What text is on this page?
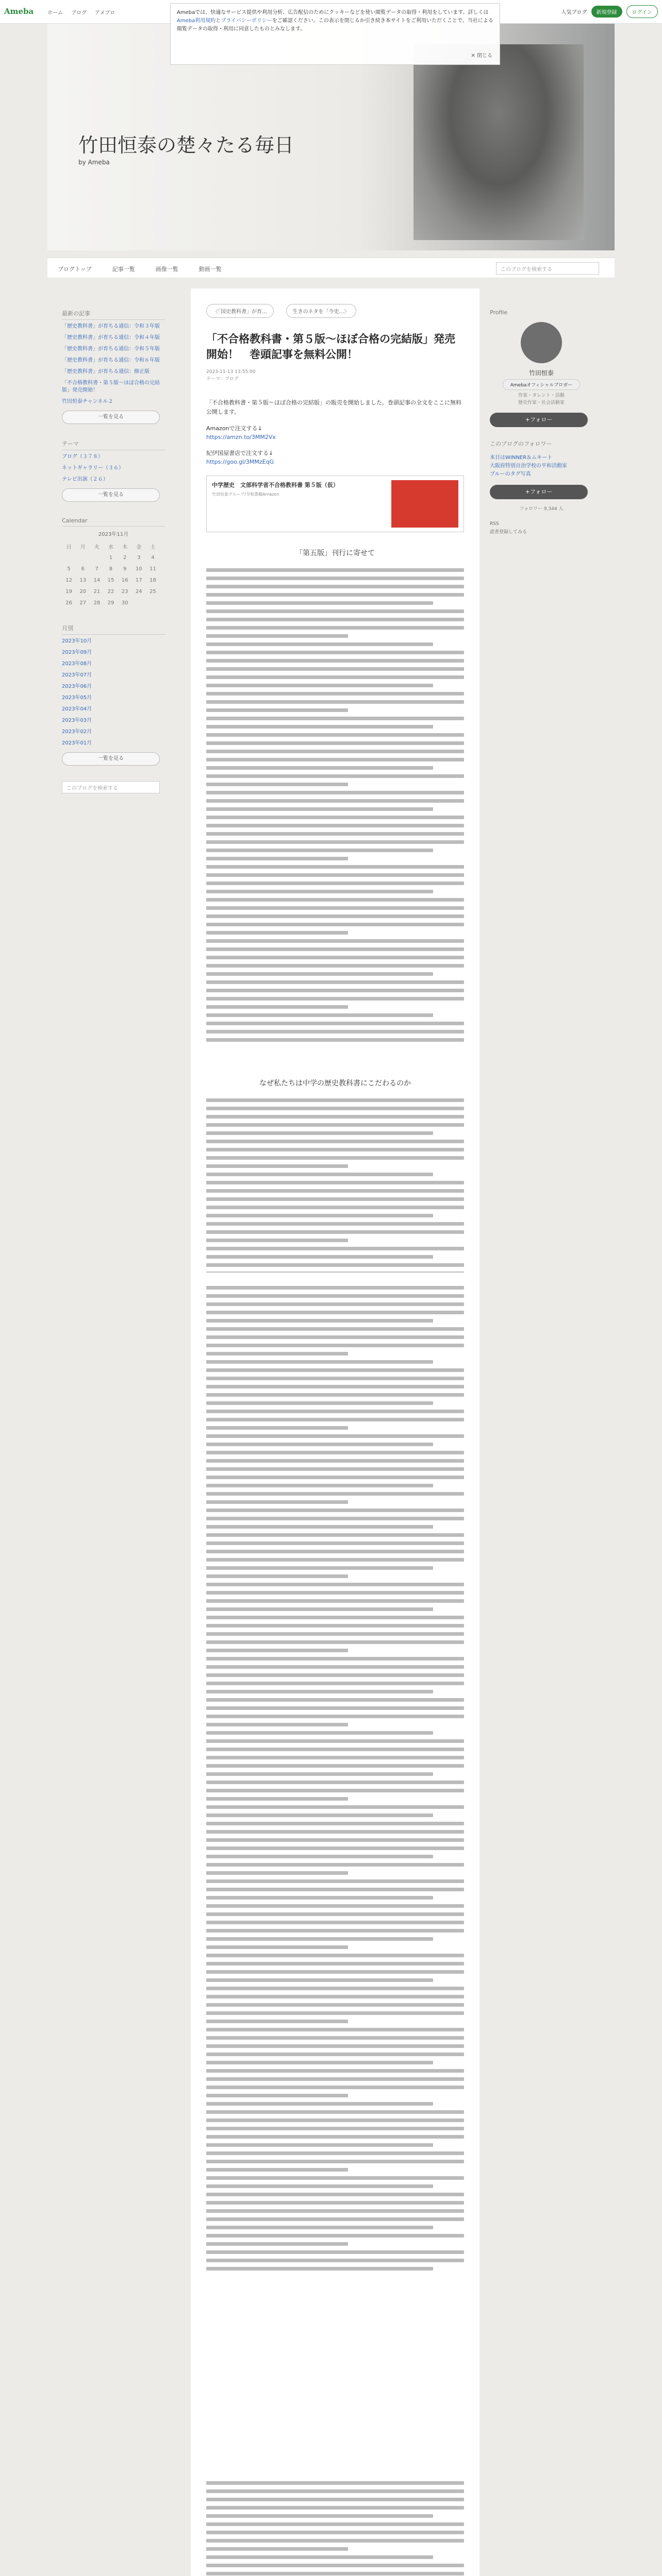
Ameba	ホーム ブログ アメブロ	人気ブログ	新規登録	ログイン
竹田恒泰の楚々たる毎日
by Ameba
Amebaでは、快適なサービス提供や利用分析、広告配信のためにクッキーなどを使い閲覧データの取得・利用をしています。詳しくはAmeba利用規約とプライバシーポリシーをご確認ください。この表示を閉じるか引き続き本サイトをご利用いただくことで、当社による閲覧データの取得・利用に同意したものとみなします。
✕ 閉じる
ブログトップ	記事一覧	画像一覧	動画一覧	このブログを検索する
最新の記事
「歴史教科書」が育ちる通信：令和３年版
「歴史教科書」が育ちる通信：令和４年版
「歴史教科書」が育ちる通信：令和５年版
「歴史教科書」が育ちる通信：令和６年版
「歴史教科書」が育ちる通信：修正版
「不合格教科書・第５版〜ほぼ合格の完結版」発売開始！
竹田恒泰チャンネル２
一覧を見る
テーマ
ブログ（３７８）
ネットギャラリー（３６）
テレビ出演（２６）
一覧を見る
Calendar
2023年11月
日	月	火	水	木	金	土
			1	2	3	4
5	6	7	8	9	10	11
12	13	14	15	16	17	18
19	20	21	22	23	24	25
26	27	28	29	30		
月別
2023年10月
2023年09月
2023年08月
2023年07月
2023年06月
2023年05月
2023年04月
2023年03月
2023年02月
2023年01月
一覧を見る
このブログを検索する
〈「国史教科書」が育…	生きのネタを「今史…〉
「不合格教科書・第５版〜ほぼ合格の完結版」発売開始！　巻頭記事を無料公開！
2023-11-13 13:55:00
テーマ：ブログ
「不合格教科書・第５版〜ほぼ合格の完結版」の販売を開始しました。巻頭記事の全文をここに無料公開します。
Amazonで注文する↓
https://amzn.to/3MM2Vx
紀伊国屋書店で注文する↓
https://goo.gl/3MMzEqG
中学歴史　文部科学省不合格教科書 第５版（仮）
竹田恒泰グループ/令和書籍Amazon
「第五版」刊行に寄せて
なぜ私たちは中学の歴史教科書にこだわるのか
Profile
竹田恒泰
Amebaオフィシャルブロガー
作家・タレント・活動
歴史作家・社会活動家
+フォロー
このブログのフォロワー
本日はWINNER＆ムキート
大阪府特別自治学校の平和活動家
ブルーのタグ写真
+フォロー
フォロワー 9,344 人
RSS
読者登録してみる
